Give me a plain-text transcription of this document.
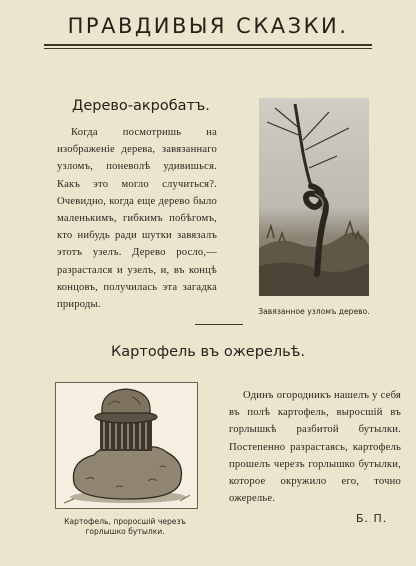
ПРАВДИВЫЯ СКАЗКИ.
Дерево-акробатъ.
Когда посмотришь на изображеніе дерева, завязаннаго узломъ, поневолѣ удивишься. Какъ это могло случиться?. Очевидно, когда еще дерево было маленькимъ, гибкимъ побѣгомъ, кто нибудь ради шутки завязалъ этотъ узелъ. Дерево росло,—разрастался и узелъ, и, въ концѣ концовъ, получилась эта загадка природы.
Завязанное узломъ дерево.
Картофель въ ожерельѣ.
Картофель, проросшій черезъ горлышко бутылки.
Одинъ огородникъ нашелъ у себя въ полѣ картофель, выросшій въ горлышкѣ разбитой бутылки. Постепенно разрастаясь, картофель прошелъ черезъ горлышко бутылки, которое окружило его, точно ожерелье.
Б. П.
